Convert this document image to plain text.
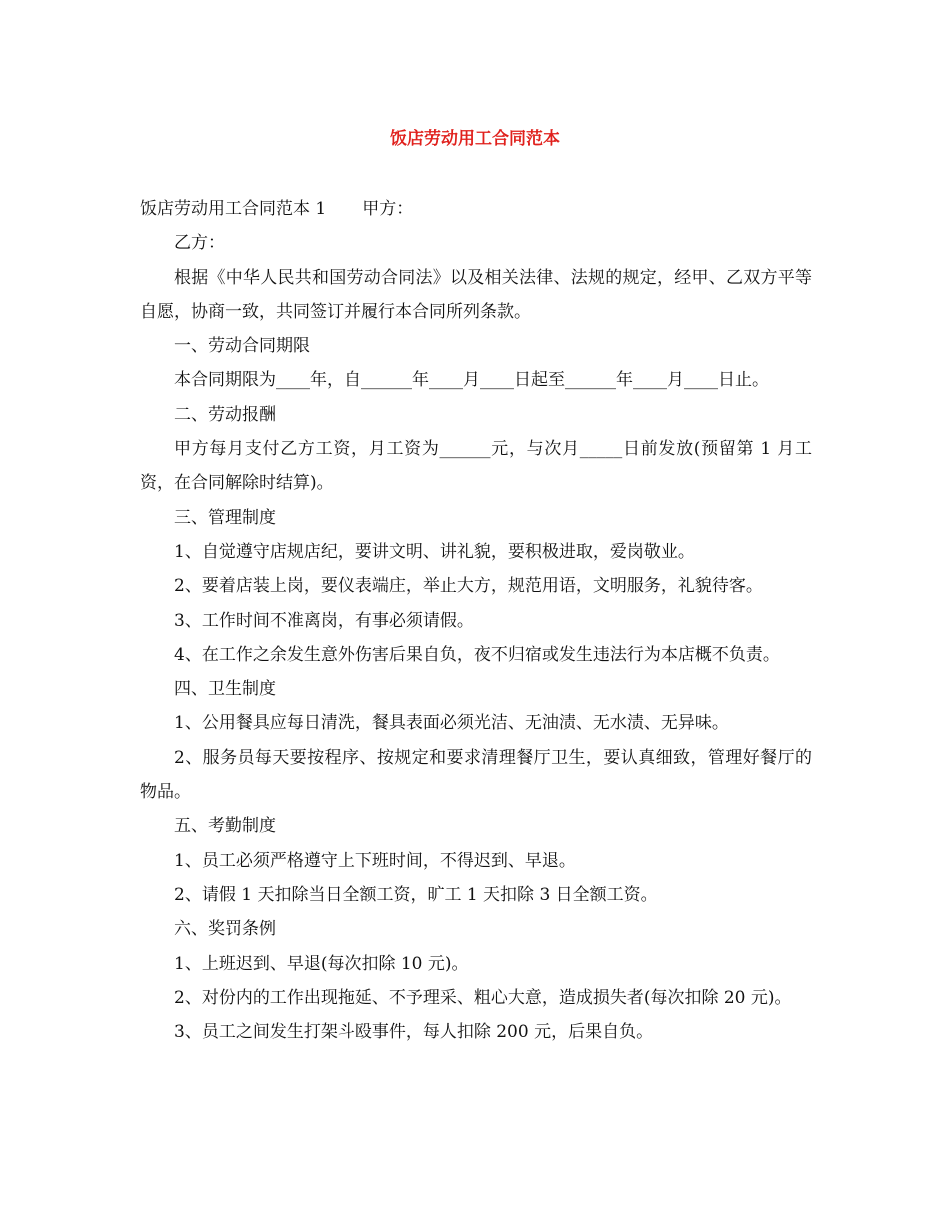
饭店劳动用工合同范本

饭店劳动用工合同范本 1 甲方：

乙方：

根据《中华人民共和国劳动合同法》以及相关法律、法规的规定，经甲、乙双方平等自愿，协商一致，共同签订并履行本合同所列条款。

一、劳动合同期限

本合同期限为____年，自______年____月____日起至______年____月____日止。

二、劳动报酬

甲方每月支付乙方工资，月工资为______元，与次月_____日前发放(预留第 1 月工资，在合同解除时结算)。

三、管理制度

1、自觉遵守店规店纪，要讲文明、讲礼貌，要积极进取，爱岗敬业。

2、要着店装上岗，要仪表端庄，举止大方，规范用语，文明服务，礼貌待客。

3、工作时间不准离岗，有事必须请假。

4、在工作之余发生意外伤害后果自负，夜不归宿或发生违法行为本店概不负责。

四、卫生制度

1、公用餐具应每日清洗，餐具表面必须光洁、无油渍、无水渍、无异味。

2、服务员每天要按程序、按规定和要求清理餐厅卫生，要认真细致，管理好餐厅的物品。

五、考勤制度

1、员工必须严格遵守上下班时间，不得迟到、早退。

2、请假 1 天扣除当日全额工资，旷工 1 天扣除 3 日全额工资。

六、奖罚条例

1、上班迟到、早退(每次扣除 10 元)。

2、对份内的工作出现拖延、不予理采、粗心大意，造成损失者(每次扣除 20 元)。

3、员工之间发生打架斗殴事件，每人扣除 200 元，后果自负。
